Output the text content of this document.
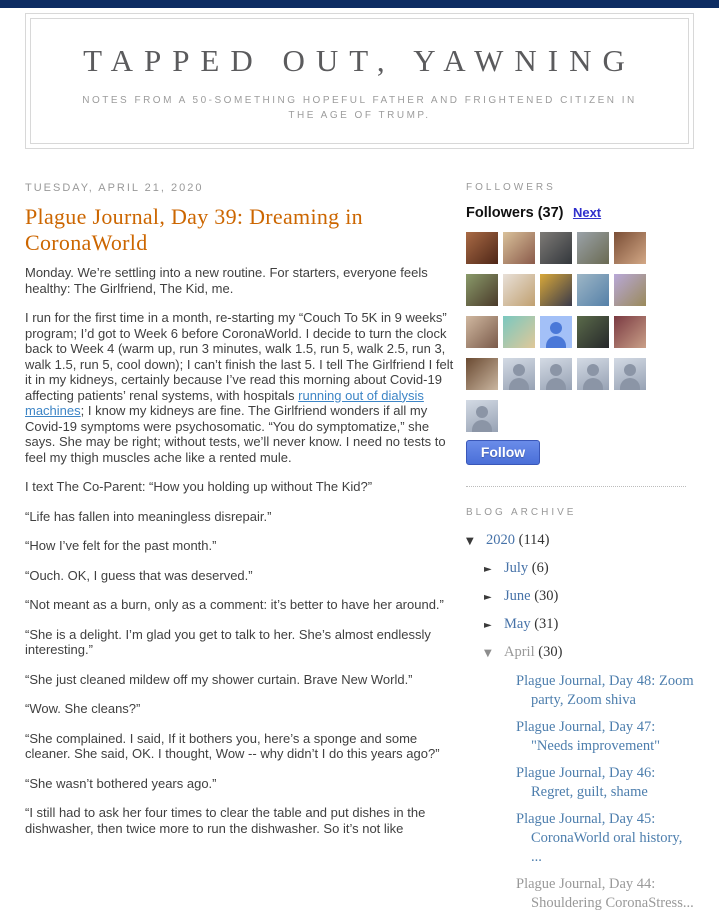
TAPPED OUT, YAWNING
NOTES FROM A 50-SOMETHING HOPEFUL FATHER AND FRIGHTENED CITIZEN IN THE AGE OF TRUMP.
TUESDAY, APRIL 21, 2020
Plague Journal, Day 39: Dreaming in CoronaWorld

Monday. We’re settling into a new routine. For starters, everyone feels healthy: The Girlfriend, The Kid, me.

I run for the first time in a month, re-starting my “Couch To 5K in 9 weeks” program; I’d got to Week 6 before CoronaWorld. I decide to turn the clock back to Week 4 (warm up, run 3 minutes, walk 1.5, run 5, walk 2.5, run 3, walk 1.5, run 5, cool down); I can’t finish the last 5. I tell The Girlfriend I felt it in my kidneys, certainly because I’ve read this morning about Covid-19 affecting patients’ renal systems, with hospitals running out of dialysis machines; I know my kidneys are fine. The Girlfriend wonders if all my Covid-19 symptoms were psychosomatic. “You do symptomatize,” she says. She may be right; without tests, we’ll never know. I need no tests to feel my thigh muscles ache like a rented mule.

I text The Co-Parent: “How you holding up without The Kid?”

“Life has fallen into meaningless disrepair.”

“How I’ve felt for the past month.”

“Ouch. OK, I guess that was deserved.”

“Not meant as a burn, only as a comment: it’s better to have her around.”

“She is a delight. I’m glad you get to talk to her. She’s almost endlessly interesting.”

“She just cleaned mildew off my shower curtain. Brave New World.”

“Wow. She cleans?”

“She complained. I said, If it bothers you, here’s a sponge and some cleaner. She said, OK. I thought, Wow -- why didn’t I do this years ago?”

“She wasn’t bothered years ago.”

“I still had to ask her four times to clear the table and put dishes in the dishwasher, then twice more to run the dishwasher. So it’s not like

FOLLOWERS
Followers (37) Next
Follow
BLOG ARCHIVE
▼ 2020 (114)
► July (6)
► June (30)
► May (31)
▼ April (30)
Plague Journal, Day 48: Zoom party, Zoom shiva
Plague Journal, Day 47: "Needs improvement"
Plague Journal, Day 46: Regret, guilt, shame
Plague Journal, Day 45: CoronaWorld oral history, ...
Plague Journal, Day 44: Shouldering CoronaStress...
